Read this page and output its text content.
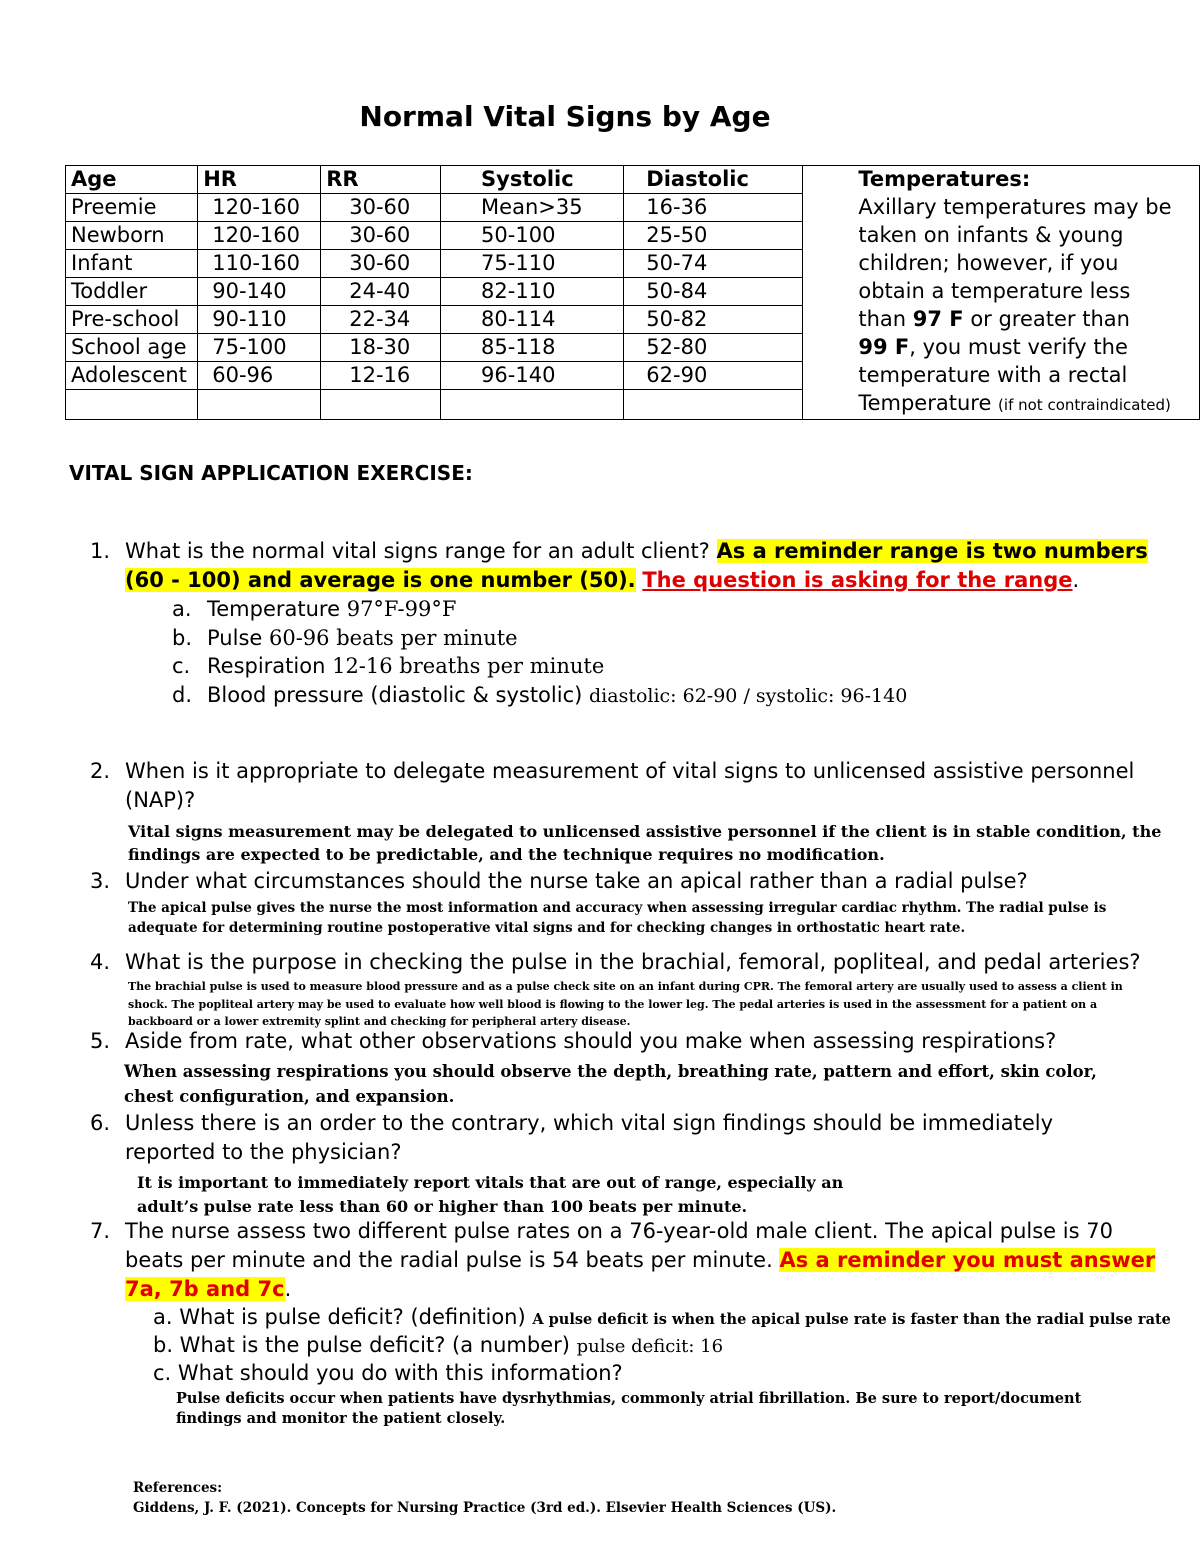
Normal Vital Signs by Age
Age	HR	RR	Systolic	Diastolic	Temperatures:
Preemie	120-160	30-60	Mean>35	16-36	Axillary temperatures may be
Newborn	120-160	30-60	50-100	25-50	taken on infants & young
Infant	110-160	30-60	75-110	50-74	children; however, if you
Toddler	90-140	24-40	82-110	50-84	obtain a temperature less
Pre-school	90-110	22-34	80-114	50-82	than 97 F or greater than
School age	75-100	18-30	85-118	52-80	99 F, you must verify the
Adolescent	60-96	12-16	96-140	62-90	temperature with a rectal
					Temperature (if not contraindicated)
VITAL SIGN APPLICATION EXERCISE:
1. What is the normal vital signs range for an adult client? As a reminder range is two numbers
(60 - 100) and average is one number (50). The question is asking for the range.
a. Temperature 97°F-99°F
b. Pulse 60-96 beats per minute
c. Respiration 12-16 breaths per minute
d. Blood pressure (diastolic & systolic) diastolic: 62-90 / systolic: 96-140
2. When is it appropriate to delegate measurement of vital signs to unlicensed assistive personnel
(NAP)?
Vital signs measurement may be delegated to unlicensed assistive personnel if the client is in stable condition, the
findings are expected to be predictable, and the technique requires no modification.
3. Under what circumstances should the nurse take an apical rather than a radial pulse?
The apical pulse gives the nurse the most information and accuracy when assessing irregular cardiac rhythm. The radial pulse is
adequate for determining routine postoperative vital signs and for checking changes in orthostatic heart rate.
4. What is the purpose in checking the pulse in the brachial, femoral, popliteal, and pedal arteries?
The brachial pulse is used to measure blood pressure and as a pulse check site on an infant during CPR. The femoral artery are usually used to assess a client in
shock. The popliteal artery may be used to evaluate how well blood is flowing to the lower leg. The pedal arteries is used in the assessment for a patient on a
backboard or a lower extremity splint and checking for peripheral artery disease.
5. Aside from rate, what other observations should you make when assessing respirations?
When assessing respirations you should observe the depth, breathing rate, pattern and effort, skin color,
chest configuration, and expansion.
6. Unless there is an order to the contrary, which vital sign findings should be immediately
reported to the physician?
It is important to immediately report vitals that are out of range, especially an
adult’s pulse rate less than 60 or higher than 100 beats per minute.
7. The nurse assess two different pulse rates on a 76-year-old male client. The apical pulse is 70
beats per minute and the radial pulse is 54 beats per minute. As a reminder you must answer
7a, 7b and 7c.
a. What is pulse deficit? (definition) A pulse deficit is when the apical pulse rate is faster than the radial pulse rate
b. What is the pulse deficit? (a number) pulse deficit: 16
c. What should you do with this information?
Pulse deficits occur when patients have dysrhythmias, commonly atrial fibrillation. Be sure to report/document
findings and monitor the patient closely.
References:
Giddens, J. F. (2021). Concepts for Nursing Practice (3rd ed.). Elsevier Health Sciences (US).
